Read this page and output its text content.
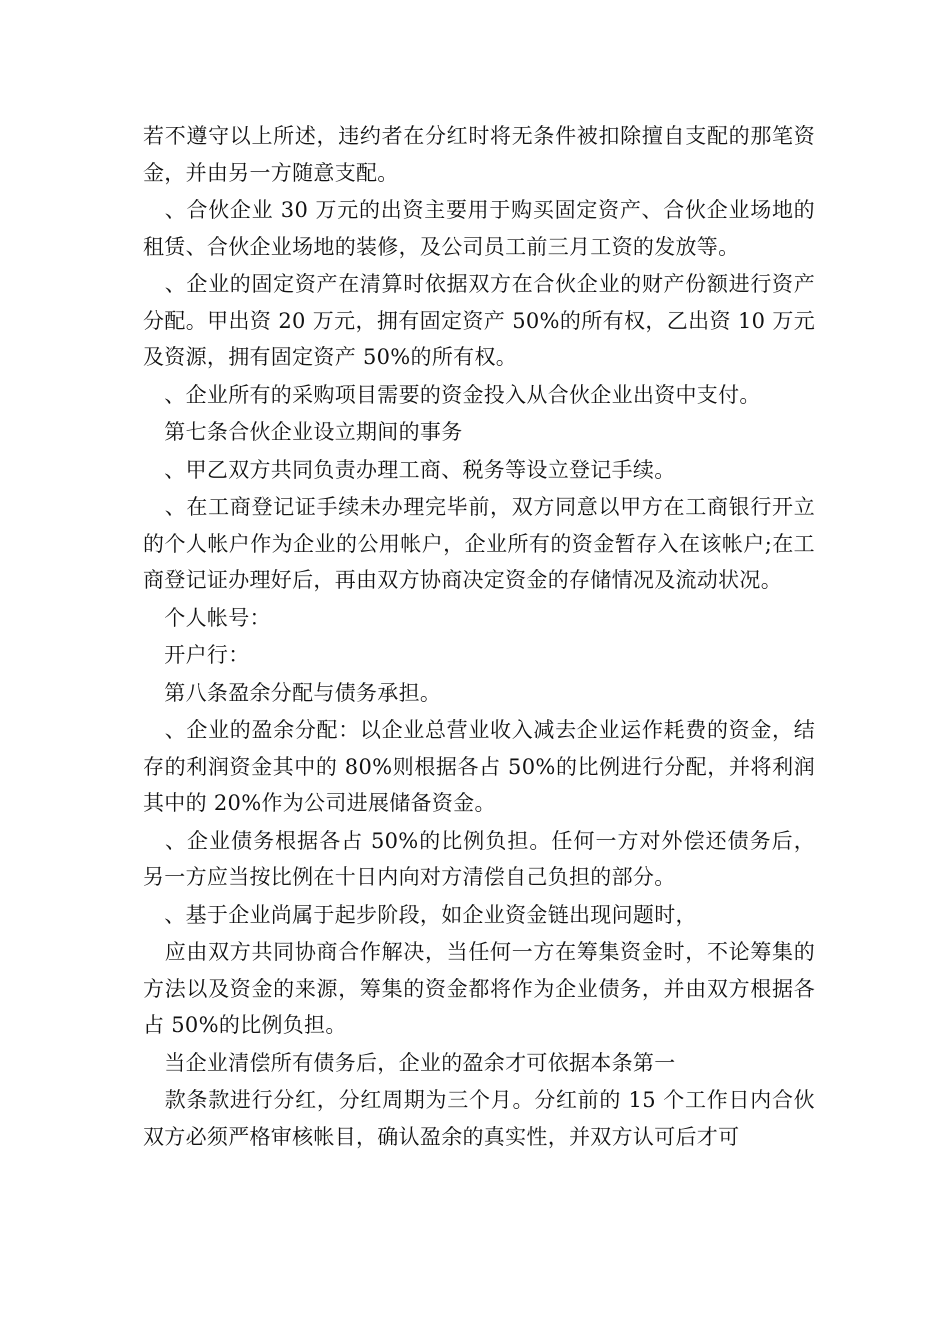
若不遵守以上所述，违约者在分红时将无条件被扣除擅自支配的那笔资金，并由另一方随意支配。

　、合伙企业 30 万元的出资主要用于购买固定资产、合伙企业场地的租赁、合伙企业场地的装修，及公司员工前三月工资的发放等。

　、企业的固定资产在清算时依据双方在合伙企业的财产份额进行资产分配。甲出资 20 万元，拥有固定资产 50%的所有权，乙出资 10 万元及资源，拥有固定资产 50%的所有权。

　、企业所有的采购项目需要的资金投入从合伙企业出资中支付。

　第七条合伙企业设立期间的事务

　、甲乙双方共同负责办理工商、税务等设立登记手续。

　、在工商登记证手续未办理完毕前，双方同意以甲方在工商银行开立的个人帐户作为企业的公用帐户，企业所有的资金暂存入在该帐户;在工商登记证办理好后，再由双方协商决定资金的存储情况及流动状况。

　个人帐号：

　开户行：

　第八条盈余分配与债务承担。

　、企业的盈余分配：以企业总营业收入减去企业运作耗费的资金，结存的利润资金其中的 80%则根据各占 50%的比例进行分配，并将利润其中的 20%作为公司进展储备资金。

　、企业债务根据各占 50%的比例负担。任何一方对外偿还债务后，另一方应当按比例在十日内向对方清偿自己负担的部分。

　、基于企业尚属于起步阶段，如企业资金链出现问题时，

　应由双方共同协商合作解决，当任何一方在筹集资金时，不论筹集的方法以及资金的来源，筹集的资金都将作为企业债务，并由双方根据各占 50%的比例负担。

　当企业清偿所有债务后，企业的盈余才可依据本条第一

　款条款进行分红，分红周期为三个月。分红前的 15 个工作日内合伙双方必须严格审核帐目，确认盈余的真实性，并双方认可后才可
